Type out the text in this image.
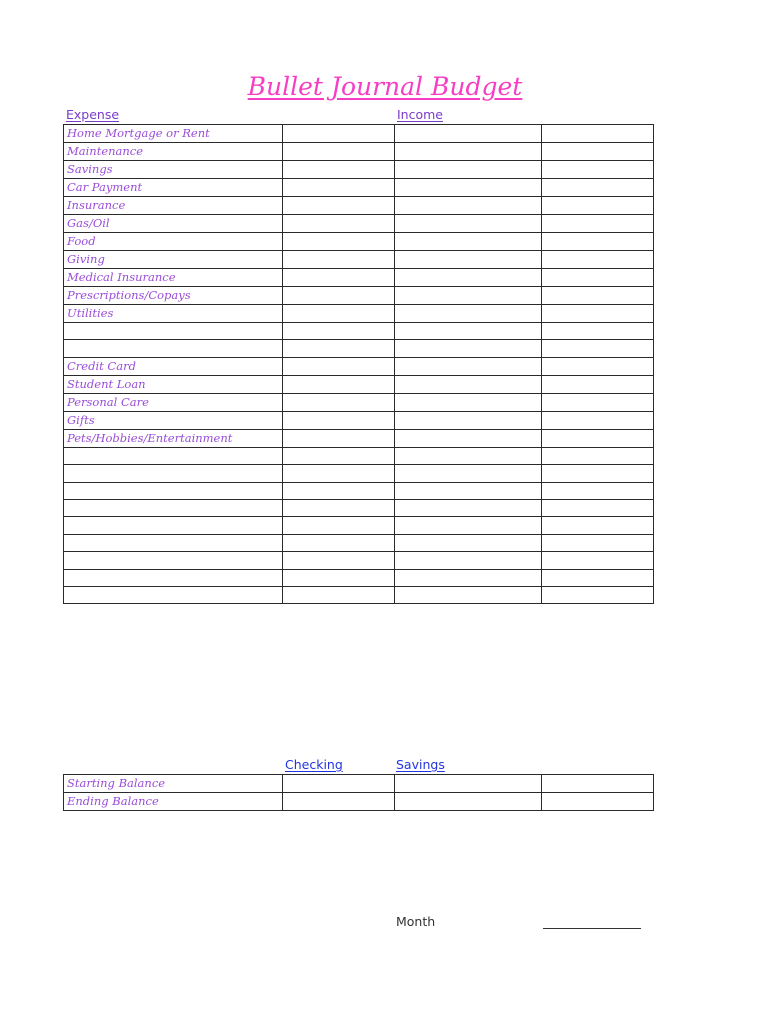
Bullet Journal Budget
Expense	Income
Home Mortgage or Rent			
Maintenance			
Savings			
Car Payment			
Insurance			
Gas/Oil			
Food			
Giving			
Medical Insurance			
Prescriptions/Copays			
Utilities			

Credit Card			
Student Loan			
Personal Care			
Gifts			
Pets/Hobbies/Entertainment			

Checking	Savings
Starting Balance			
Ending Balance			
Month
